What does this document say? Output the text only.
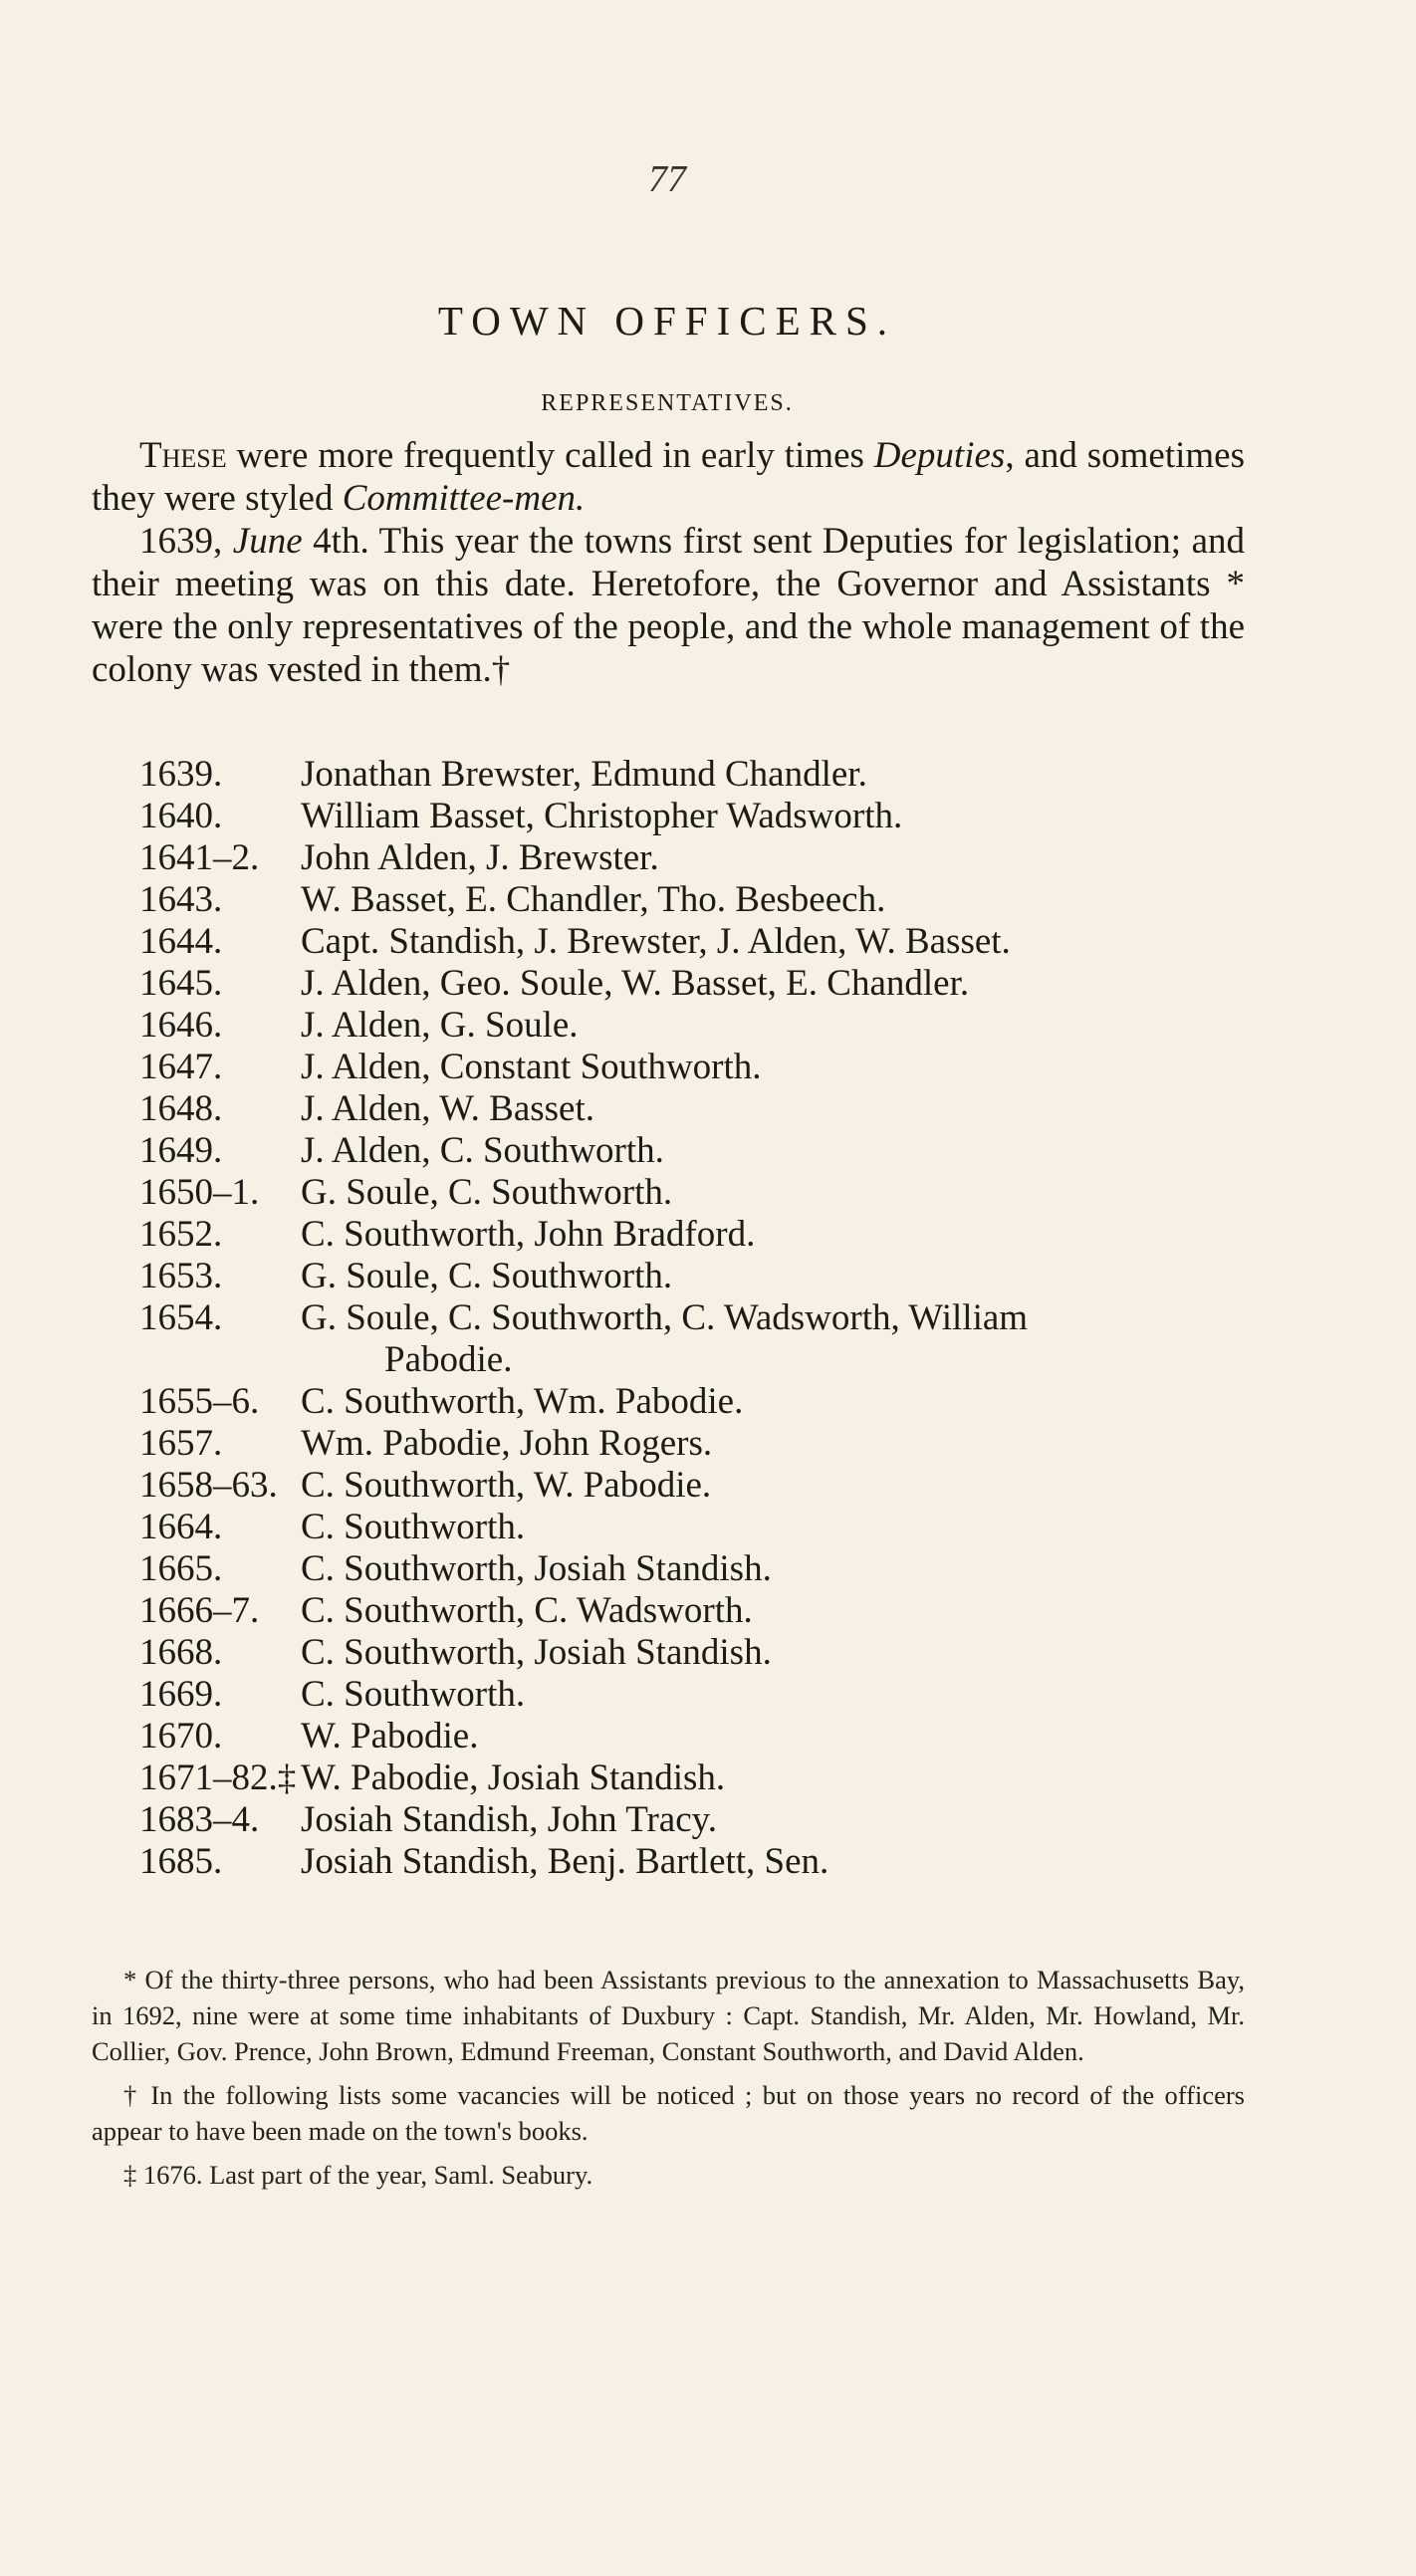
77
TOWN OFFICERS.
REPRESENTATIVES.

These were more frequently called in early times Deputies, and sometimes they were styled Committee-men.

1639, June 4th. This year the towns first sent Deputies for legislation; and their meeting was on this date. Heretofore, the Governor and Assistants * were the only representatives of the people, and the whole management of the colony was vested in them.†

1639.	Jonathan Brewster, Edmund Chandler.
1640.	William Basset, Christopher Wadsworth.
1641–2.	John Alden, J. Brewster.
1643.	W. Basset, E. Chandler, Tho. Besbeech.
1644.	Capt. Standish, J. Brewster, J. Alden, W. Basset.
1645.	J. Alden, Geo. Soule, W. Basset, E. Chandler.
1646.	J. Alden, G. Soule.
1647.	J. Alden, Constant Southworth.
1648.	J. Alden, W. Basset.
1649.	J. Alden, C. Southworth.
1650–1.	G. Soule, C. Southworth.
1652.	C. Southworth, John Bradford.
1653.	G. Soule, C. Southworth.
1654.	G. Soule, C. Southworth, C. Wadsworth, William
Pabodie.
1655–6.	C. Southworth, Wm. Pabodie.
1657.	Wm. Pabodie, John Rogers.
1658–63. C. Southworth, W. Pabodie.
1664.	C. Southworth.
1665.	C. Southworth, Josiah Standish.
1666–7.	C. Southworth, C. Wadsworth.
1668.	C. Southworth, Josiah Standish.
1669.	C. Southworth.
1670.	W. Pabodie.
1671–82.‡ W. Pabodie, Josiah Standish.
1683–4.	Josiah Standish, John Tracy.
1685.	Josiah Standish, Benj. Bartlett, Sen.

* Of the thirty-three persons, who had been Assistants previous to the annexation to Massachusetts Bay, in 1692, nine were at some time inhabitants of Duxbury : Capt. Standish, Mr. Alden, Mr. Howland, Mr. Collier, Gov. Prence, John Brown, Edmund Freeman, Constant Southworth, and David Alden.

† In the following lists some vacancies will be noticed ; but on those years no record of the officers appear to have been made on the town's books.

‡ 1676. Last part of the year, Saml. Seabury.
